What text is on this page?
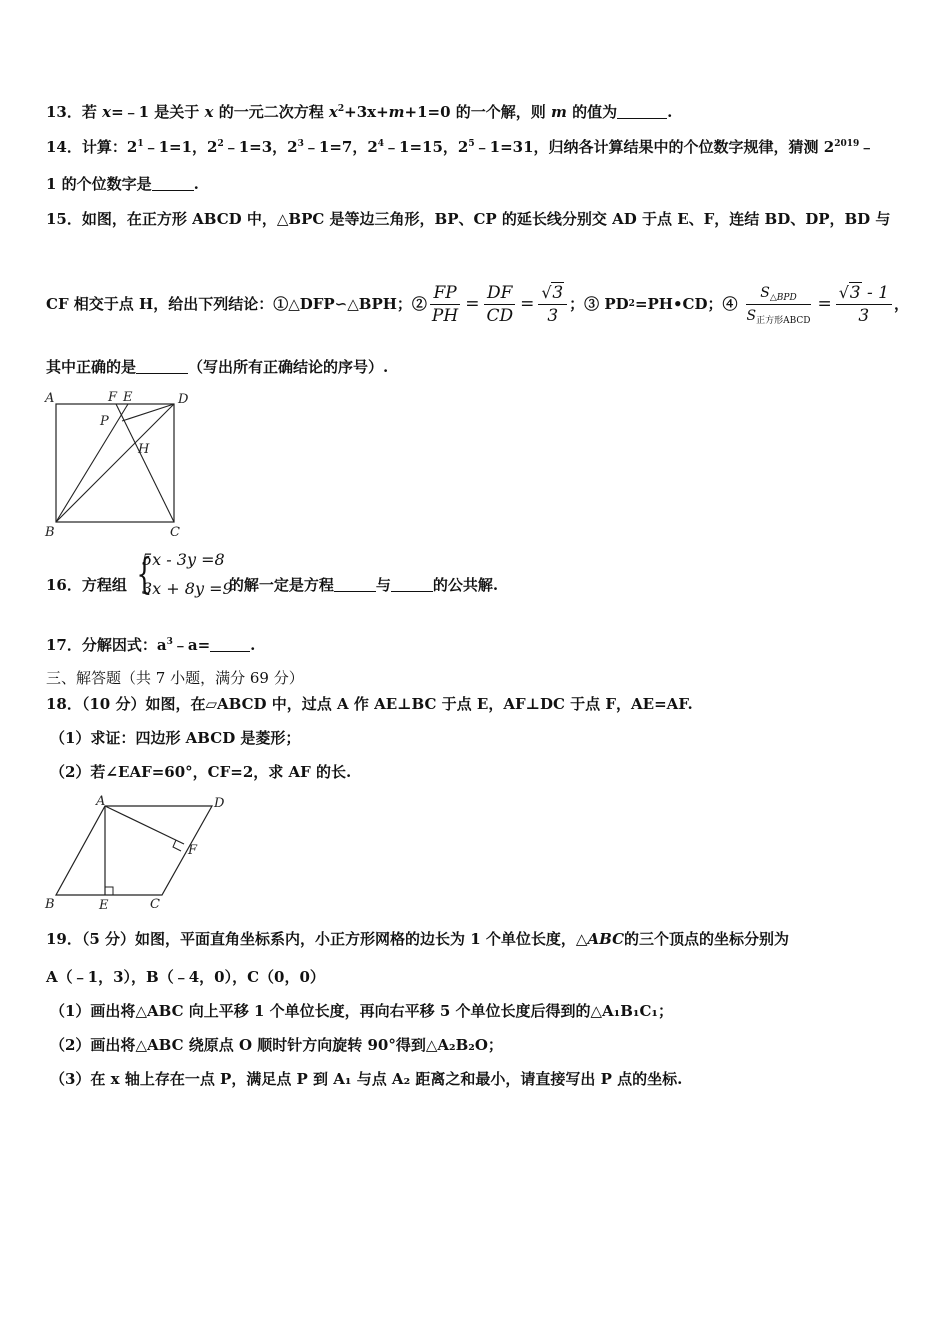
13．若 x=﹣1 是关于 x 的一元二次方程 $x^2+3x+m+1=0$ 的一个解，则 m 的值为	.
14．计算：$2^1﹣1=1$，$2^2﹣1=3$，$2^3﹣1=7$，$2^4﹣1=15$，$2^5﹣1=31$，归纳各计算结果中的个位数字规律，猜测 $2^{2019}﹣$
1 的个位数字是	.
15．如图，在正方形 ABCD 中，△BPC 是等边三角形，BP、CP 的延长线分别交 AD 于点 E、F，连结 BD、DP，BD 与
CF 相交于点 H，给出下列结论：①△DFP∽△BPH；② $\frac{FP}{PH} = \frac{DF}{CD}$ = √ $\frac{3}{3}$ ；③ PD 2 =PH•CD；④ $\frac{S_{\triangle BPD}}{S_{正方形ABCD}}$ = √ $\frac{3 - 1}{3}$ ，
其中正确的是	（写出所有正确结论的序号）.
A	F E	D
P
H
B	C
16．方程组	的解一定是方程	与	的公共解.
{
5x - 3y =8
3x + 8y =9
17．分解因式：$a^3﹣a=$	.
三、解答题（共 7 小题，满分 69 分）
18．（10 分）如图，在▱ABCD 中，过点 A 作 AE⊥BC 于点 E，AF⊥DC 于点 F，AE=AF.
（1）求证：四边形 ABCD 是菱形；
（2）若∠EAF=60°，CF=2，求 AF 的长.
A	D
F
B	E	C
19．（5 分）如图，平面直角坐标系内，小正方形网格的边长为 1 个单位长度，△ABC的三个顶点的坐标分别为
A（﹣1，3），B（﹣4，0），C（0，0）
（1）画出将△ABC 向上平移 1 个单位长度，再向右平移 5 个单位长度后得到的△A₁B₁C₁；
（2）画出将△ABC 绕原点 O 顺时针方向旋转 90°得到△A₂B₂O；
（3）在 x 轴上存在一点 P，满足点 P 到 A₁ 与点 A₂ 距离之和最小，请直接写出 P 点的坐标.
